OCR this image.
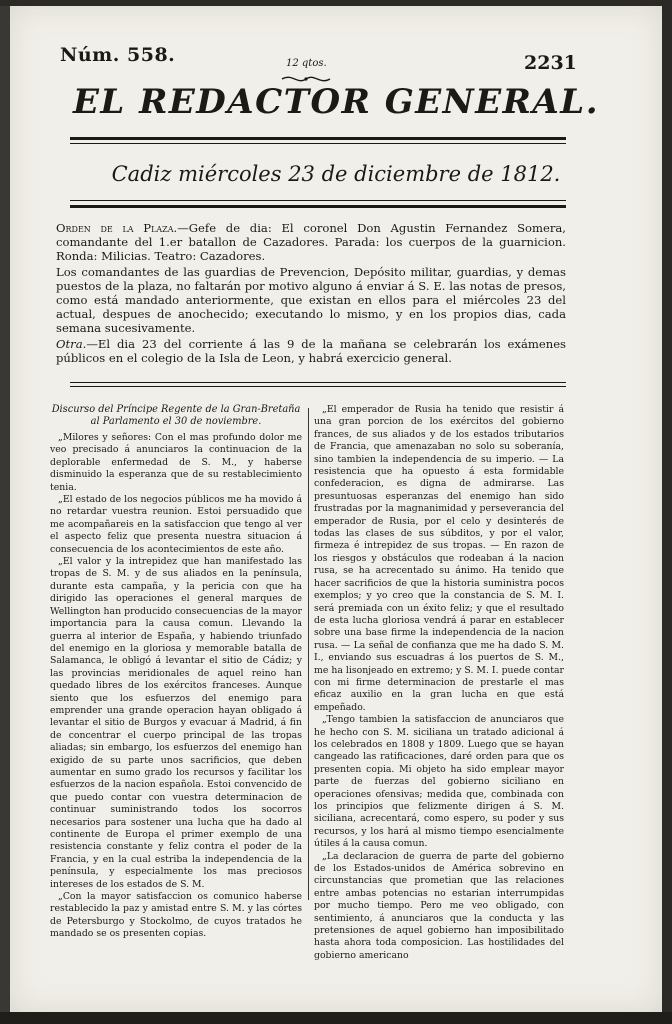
Núm. 558.	12 qtos.	2231
EL REDACTOR GENERAL.
Cadiz miércoles 23 de diciembre de 1812.

Orden de la Plaza.—Gefe de dia: El coronel Don Agustin Fernandez Somera, comandante del 1.er batallon de Cazadores. Parada: los cuerpos de la guarnicion. Ronda: Milicias. Teatro: Cazadores.

Los comandantes de las guardias de Prevencion, Depósito militar, guardias, y demas puestos de la plaza, no faltarán por motivo alguno á enviar á S. E. las notas de presos, como está mandado anteriormente, que existan en ellos para el miércoles 23 del actual, despues de anochecido; executando lo mismo, y en los propios dias, cada semana sucesivamente.

Otra.—El dia 23 del corriente á las 9 de la mañana se celebrarán los exámenes públicos en el colegio de la Isla de Leon, y habrá exercicio general.

Discurso del Príncipe Regente de la Gran-Bretaña al Parlamento el 30 de noviembre.

„Milores y señores: Con el mas profundo dolor me veo precisado á anunciaros la continuacion de la deplorable enfermedad de S. M., y haberse disminuido la esperanza que de su restablecimiento tenia.

„El estado de los negocios públicos me ha movido á no retardar vuestra reunion. Estoi persuadido que me acompañareis en la satisfaccion que tengo al ver el aspecto feliz que presenta nuestra situacion á consecuencia de los acontecimientos de este año.

„El valor y la intrepidez que han manifestado las tropas de S. M. y de sus aliados en la península, durante esta campaña, y la pericia con que ha dirigido las operaciones el general marques de Wellington han producido consecuencias de la mayor importancia para la causa comun. Llevando la guerra al interior de España, y habiendo triunfado del enemigo en la gloriosa y memorable batalla de Salamanca, le obligó á levantar el sitio de Cádiz; y las provincias meridionales de aquel reino han quedado libres de los exércitos franceses. Aunque siento que los esfuerzos del enemigo para emprender una grande operacion hayan obligado á levantar el sitio de Burgos y evacuar á Madrid, á fin de concentrar el cuerpo principal de las tropas aliadas; sin embargo, los esfuerzos del enemigo han exigido de su parte unos sacrificios, que deben aumentar en sumo grado los recursos y facilitar los esfuerzos de la nacion española. Estoi convencido de que puedo contar con vuestra determinacion de continuar suministrando todos los socorros necesarios para sostener una lucha que ha dado al continente de Europa el primer exemplo de una resistencia constante y feliz contra el poder de la Francia, y en la cual estriba la independencia de la península, y especialmente los mas preciosos intereses de los estados de S. M.

„Con la mayor satisfaccion os comunico haberse restablecido la paz y amistad entre S. M. y las córtes de Petersburgo y Stockolmo, de cuyos tratados he mandado se os presenten copias.

„El emperador de Rusia ha tenido que resistir á una gran porcion de los exércitos del gobierno frances, de sus aliados y de los estados tributarios de Francia, que amenazaban no solo su soberanía, sino tambien la independencia de su imperio. — La resistencia que ha opuesto á esta formidable confederacion, es digna de admirarse. Las presuntuosas esperanzas del enemigo han sido frustradas por la magnanimidad y perseverancia del emperador de Rusia, por el celo y desinterés de todas las clases de sus súbditos, y por el valor, firmeza é intrepidez de sus tropas. — En razon de los riesgos y obstáculos que rodeaban á la nacion rusa, se ha acrecentado su ánimo. Ha tenido que hacer sacrificios de que la historia suministra pocos exemplos; y yo creo que la constancia de S. M. I. será premiada con un éxito feliz; y que el resultado de esta lucha gloriosa vendrá á parar en establecer sobre una base firme la independencia de la nacion rusa. — La señal de confianza que me ha dado S. M. I., enviando sus escuadras á los puertos de S. M., me ha lisonjeado en extremo; y S. M. I. puede contar con mi firme determinacion de prestarle el mas eficaz auxilio en la gran lucha en que está empeñado.

„Tengo tambien la satisfaccion de anunciaros que he hecho con S. M. siciliana un tratado adicional á los celebrados en 1808 y 1809. Luego que se hayan cangeado las ratificaciones, daré orden para que os presenten copia. Mi objeto ha sido emplear mayor parte de fuerzas del gobierno siciliano en operaciones ofensivas; medida que, combinada con los principios que felizmente dirigen á S. M. siciliana, acrecentará, como espero, su poder y sus recursos, y los hará al mismo tiempo esencialmente útiles á la causa comun.

„La declaracion de guerra de parte del gobierno de los Estados-unidos de América sobrevino en circunstancias que prometian que las relaciones entre ambas potencias no estarian interrumpidas por mucho tiempo. Pero me veo obligado, con sentimiento, á anunciaros que la conducta y las pretensiones de aquel gobierno han imposibilitado hasta ahora toda composicion. Las hostilidades del gobierno americano
